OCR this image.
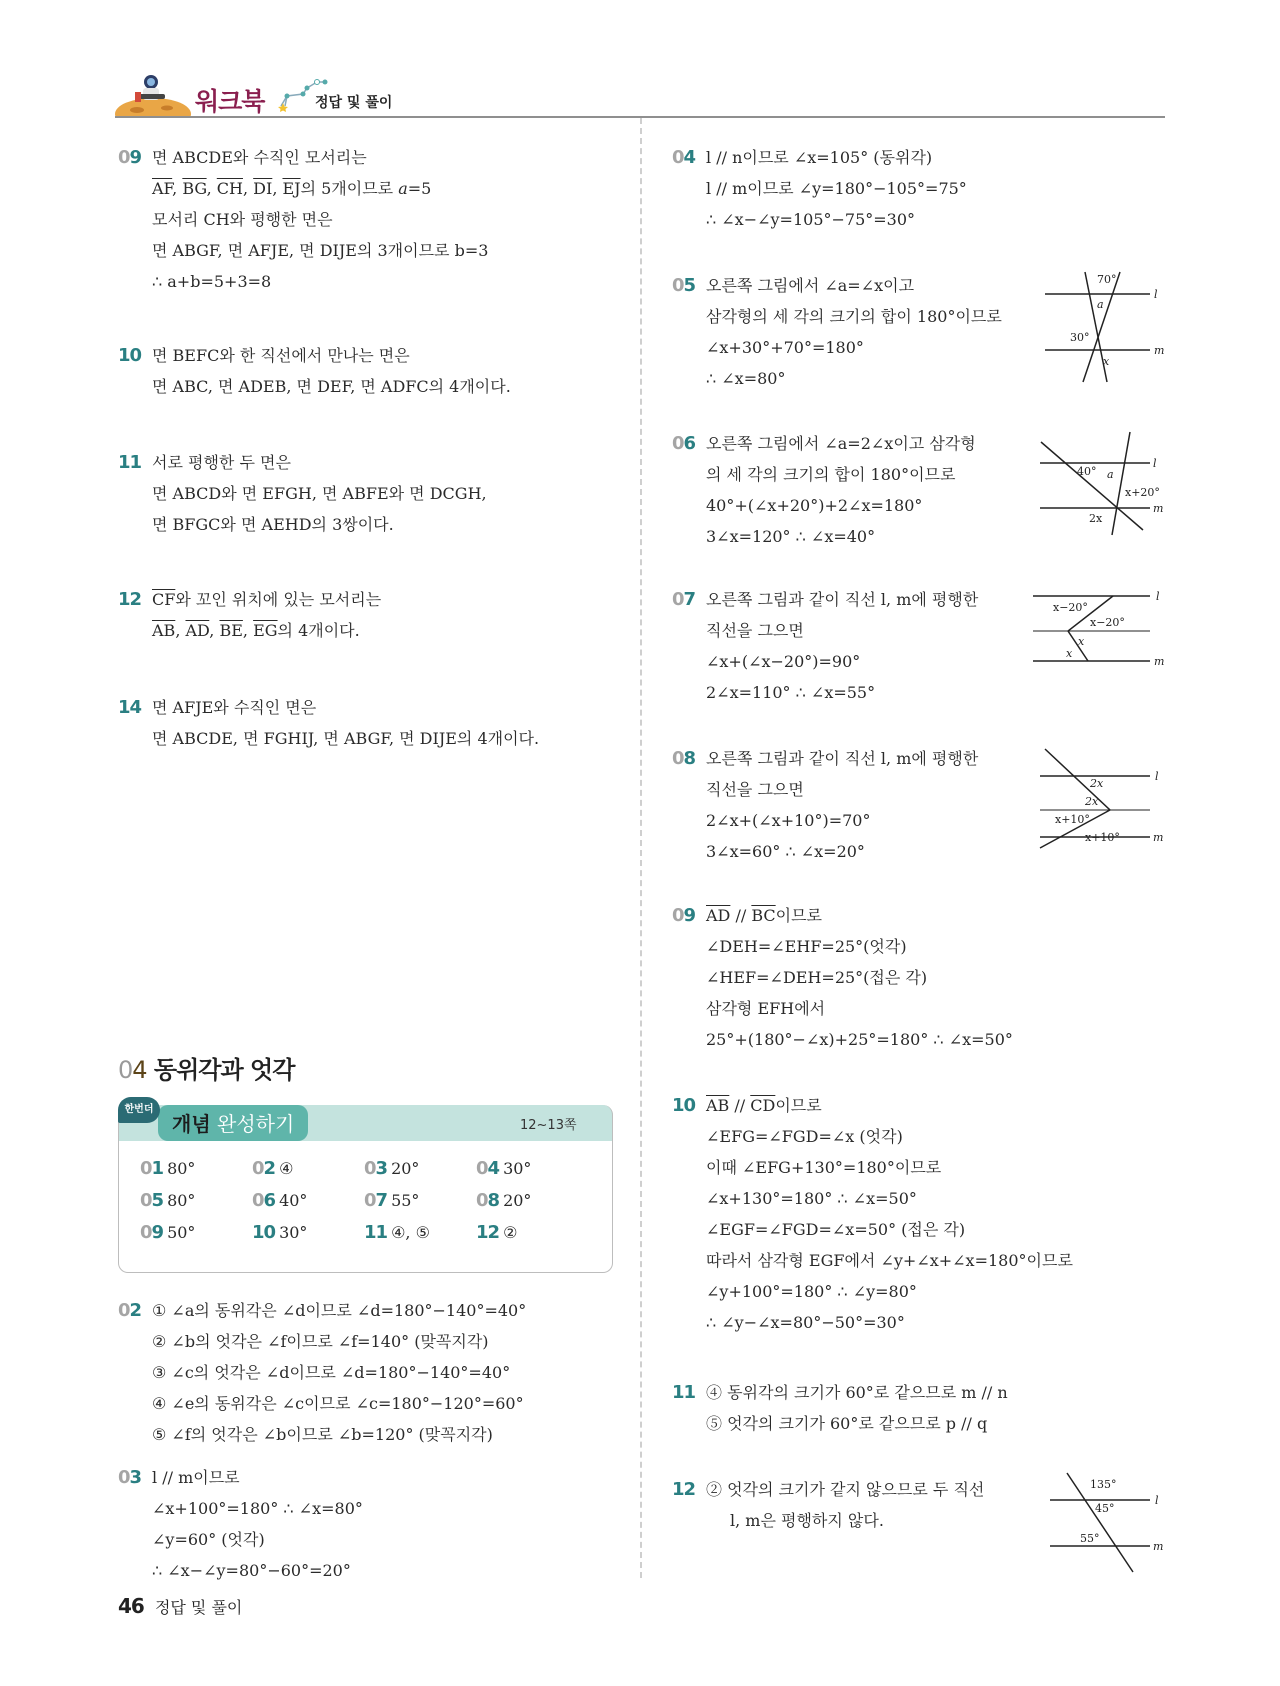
워크북	정답 및 풀이
09 면 ABCDE와 수직인 모서리는
$\overline{AF}$, $\overline{BG}$, $\overline{CH}$, $\overline{DI}$, $\overline{EJ}$의 5개이므로 a=5
모서리 CH와 평행한 면은
면 ABGF, 면 AFJE, 면 DIJE의 3개이므로 b=3
∴ a+b=5+3=8
10 면 BEFC와 한 직선에서 만나는 면은
면 ABC, 면 ADEB, 면 DEF, 면 ADFC의 4개이다.
11 서로 평행한 두 면은
면 ABCD와 면 EFGH, 면 ABFE와 면 DCGH,
면 BFGC와 면 AEHD의 3쌍이다.
12 $\overline{CF}$와 꼬인 위치에 있는 모서리는
$\overline{AB}$, $\overline{AD}$, $\overline{BE}$, $\overline{EG}$의 4개이다.
14 면 AFJE와 수직인 면은
면 ABCDE, 면 FGHIJ, 면 ABGF, 면 DIJE의 4개이다.
04 동위각과 엇각
개념 완성하기
한번더
12~13쪽
01 80°	02 ④	03 20°	04 30°
05 80°	06 40°	07 55°	08 20°
09 50°	10 30°	11 ④, ⑤	12 ②
02 ① ∠a의 동위각은 ∠d이므로 ∠d=180°−140°=40°
② ∠b의 엇각은 ∠f이므로 ∠f=140° (맞꼭지각)
③ ∠c의 엇각은 ∠d이므로 ∠d=180°−140°=40°
④ ∠e의 동위각은 ∠c이므로 ∠c=180°−120°=60°
⑤ ∠f의 엇각은 ∠b이므로 ∠b=120° (맞꼭지각)
03 l // m이므로
∠x+100°=180° ∴ ∠x=80°
∠y=60° (엇각)
∴ ∠x−∠y=80°−60°=20°
04 l // n이므로 ∠x=105° (동위각)
l // m이므로 ∠y=180°−105°=75°
∴ ∠x−∠y=105°−75°=30°
05 오른쪽 그림에서 ∠a=∠x이고
삼각형의 세 각의 크기의 합이 180°이므로
∠x+30°+70°=180°
∴ ∠x=80°
70°
a
30°
x
l
m
06 오른쪽 그림에서 ∠a=2∠x이고 삼각형
의 세 각의 크기의 합이 180°이므로
40°+(∠x+20°)+2∠x=180°
3∠x=120° ∴ ∠x=40°
40° a
x+20°
2x
l
m
07 오른쪽 그림과 같이 직선 l, m에 평행한
직선을 그으면
∠x+(∠x−20°)=90°
2∠x=110° ∴ ∠x=55°
x−20°
x−20°
x
x
l
m
08 오른쪽 그림과 같이 직선 l, m에 평행한
직선을 그으면
2∠x+(∠x+10°)=70°
3∠x=60° ∴ ∠x=20°
2x
2x
x+10°
x+10°
l
m
09 $\overline{AD} // \overline{BC}$이므로
∠DEH=∠EHF=25°(엇각)
∠HEF=∠DEH=25°(접은 각)
삼각형 EFH에서
25°+(180°−∠x)+25°=180° ∴ ∠x=50°
10 $\overline{AB} // \overline{CD}$이므로
∠EFG=∠FGD=∠x (엇각)
이때 ∠EFG+130°=180°이므로
∠x+130°=180° ∴ ∠x=50°
∠EGF=∠FGD=∠x=50° (접은 각)
따라서 삼각형 EGF에서 ∠y+∠x+∠x=180°이므로
∠y+100°=180° ∴ ∠y=80°
∴ ∠y−∠x=80°−50°=30°
11 ④ 동위각의 크기가 60°로 같으므로 m // n
⑤ 엇각의 크기가 60°로 같으므로 p // q
12 ② 엇각의 크기가 같지 않으므로 두 직선
l, m은 평행하지 않다.
135°
45°
55°
l
m
46 정답 및 풀이
